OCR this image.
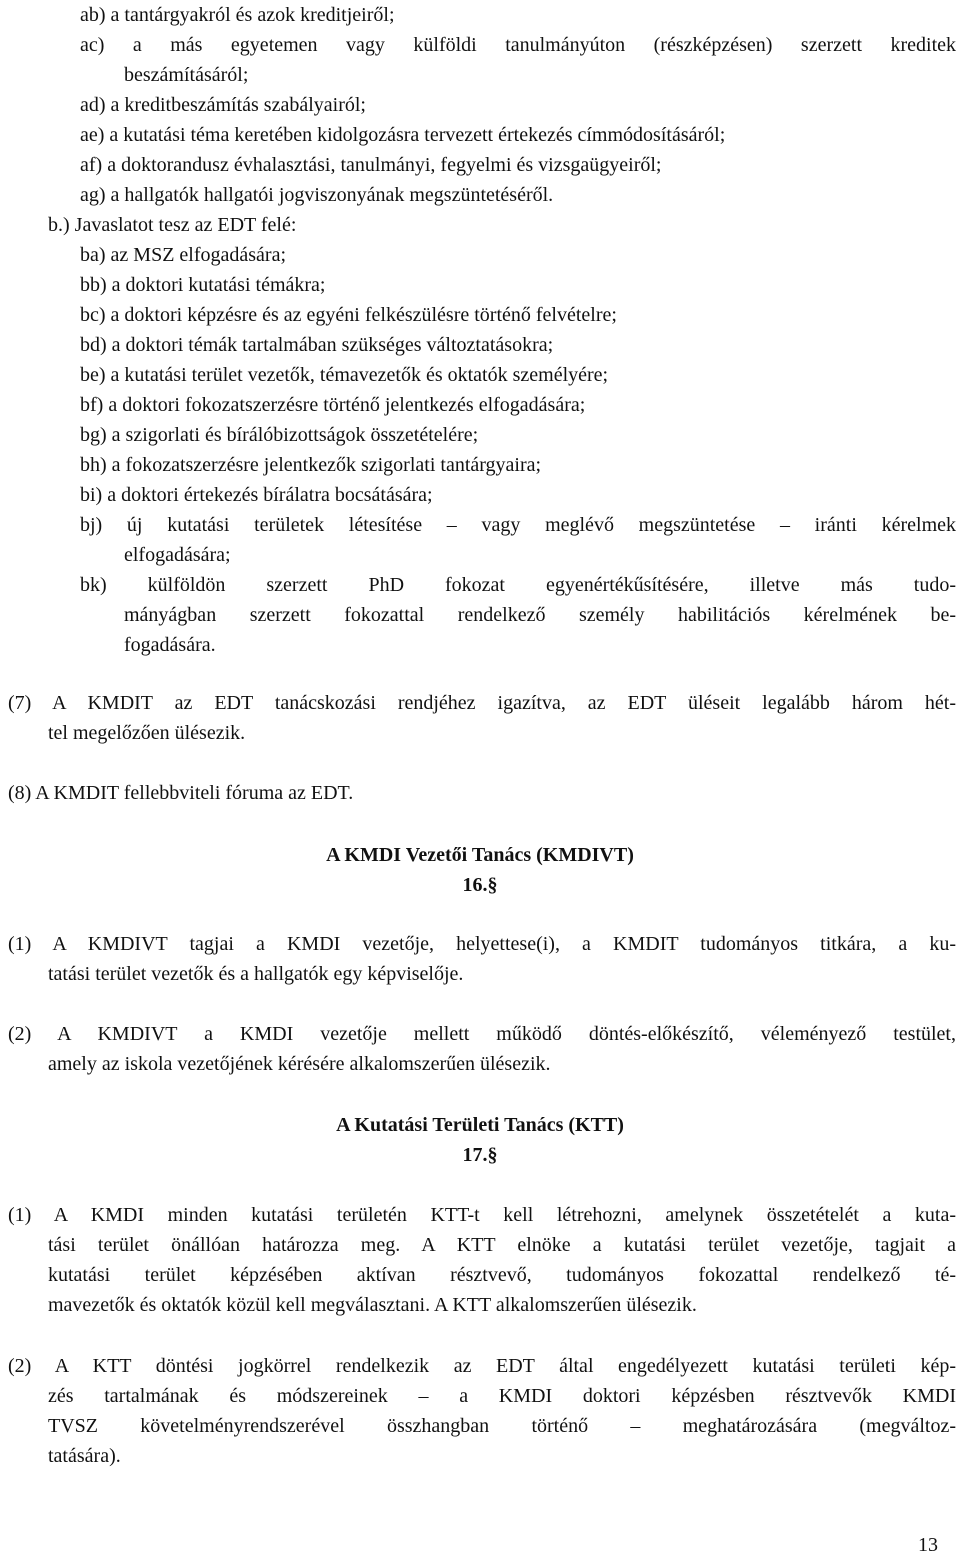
ab) a tantárgyakról és azok kreditjeiről;
ac) a más egyetemen vagy külföldi tanulmányúton (részképzésen) szerzett kreditek
beszámításáról;
ad) a kreditbeszámítás szabályairól;
ae) a kutatási téma keretében kidolgozásra tervezett értekezés címmódosításáról;
af) a doktorandusz évhalasztási, tanulmányi, fegyelmi és vizsgaügyeiről;
ag) a hallgatók hallgatói jogviszonyának megszüntetéséről.
b.) Javaslatot tesz az EDT felé:
ba) az MSZ elfogadására;
bb) a doktori kutatási témákra;
bc) a doktori képzésre és az egyéni felkészülésre történő felvételre;
bd) a doktori témák tartalmában szükséges változtatásokra;
be) a kutatási terület vezetők, témavezetők és oktatók személyére;
bf) a doktori fokozatszerzésre történő jelentkezés elfogadására;
bg) a szigorlati és bírálóbizottságok összetételére;
bh) a fokozatszerzésre jelentkezők szigorlati tantárgyaira;
bi) a doktori értekezés bírálatra bocsátására;
bj) új kutatási területek létesítése – vagy meglévő megszüntetése – iránti kérelmek
elfogadására;
bk) külföldön szerzett PhD fokozat egyenértékűsítésére, illetve más tudo-
mányágban szerzett fokozattal rendelkező személy habilitációs kérelmének be-
fogadására.
(7) A KMDIT az EDT tanácskozási rendjéhez igazítva, az EDT üléseit legalább három hét-
tel megelőzően ülésezik.
(8) A KMDIT fellebbviteli fóruma az EDT.
A KMDI Vezetői Tanács (KMDIVT)
16.§
(1) A KMDIVT tagjai a KMDI vezetője, helyettese(i), a KMDIT tudományos titkára, a ku-
tatási terület vezetők és a hallgatók egy képviselője.
(2) A KMDIVT a KMDI vezetője mellett működő döntés-előkészítő, véleményező testület,
amely az iskola vezetőjének kérésére alkalomszerűen ülésezik.
A Kutatási Területi Tanács (KTT)
17.§
(1) A KMDI minden kutatási területén KTT-t kell létrehozni, amelynek összetételét a kuta-
tási terület önállóan határozza meg. A KTT elnöke a kutatási terület vezetője, tagjait a
kutatási terület képzésében aktívan résztvevő, tudományos fokozattal rendelkező té-
mavezetők és oktatók közül kell megválasztani. A KTT alkalomszerűen ülésezik.
(2) A KTT döntési jogkörrel rendelkezik az EDT által engedélyezett kutatási területi kép-
zés tartalmának és módszereinek – a KMDI doktori képzésben résztvevők KMDI
TVSZ követelményrendszerével összhangban történő – meghatározására (megváltoz-
tatására).
13
